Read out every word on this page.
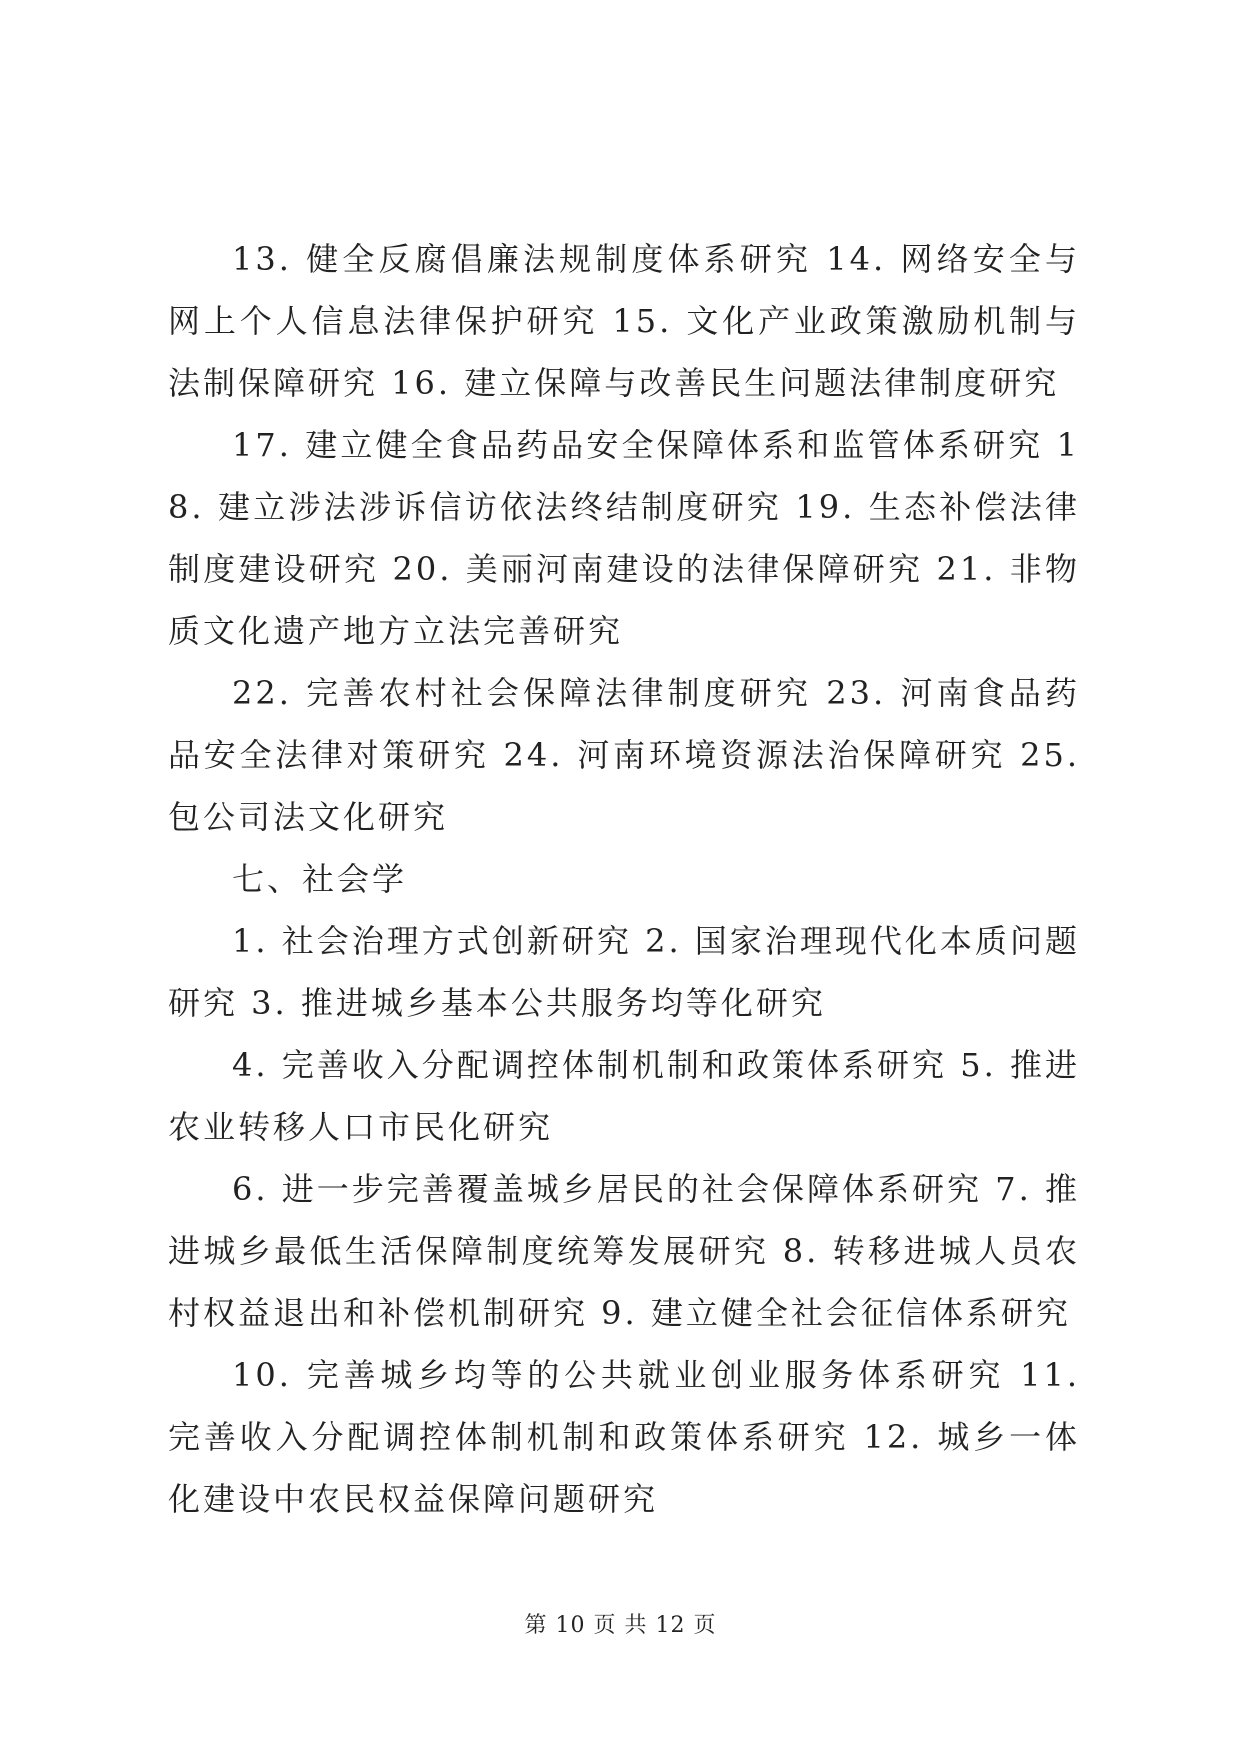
13. 健全反腐倡廉法规制度体系研究 14. 网络安全与网上个人信息法律保护研究 15. 文化产业政策激励机制与法制保障研究 16. 建立保障与改善民生问题法律制度研究

17. 建立健全食品药品安全保障体系和监管体系研究 18. 建立涉法涉诉信访依法终结制度研究 19. 生态补偿法律制度建设研究 20. 美丽河南建设的法律保障研究 21. 非物质文化遗产地方立法完善研究

22. 完善农村社会保障法律制度研究 23. 河南食品药品安全法律对策研究 24. 河南环境资源法治保障研究 25. 包公司法文化研究

七、社会学

1. 社会治理方式创新研究 2. 国家治理现代化本质问题研究 3. 推进城乡基本公共服务均等化研究

4. 完善收入分配调控体制机制和政策体系研究 5. 推进农业转移人口市民化研究

6. 进一步完善覆盖城乡居民的社会保障体系研究 7. 推进城乡最低生活保障制度统筹发展研究 8. 转移进城人员农村权益退出和补偿机制研究 9. 建立健全社会征信体系研究

10. 完善城乡均等的公共就业创业服务体系研究 11. 完善收入分配调控体制机制和政策体系研究 12. 城乡一体化建设中农民权益保障问题研究

第 10 页 共 12 页
